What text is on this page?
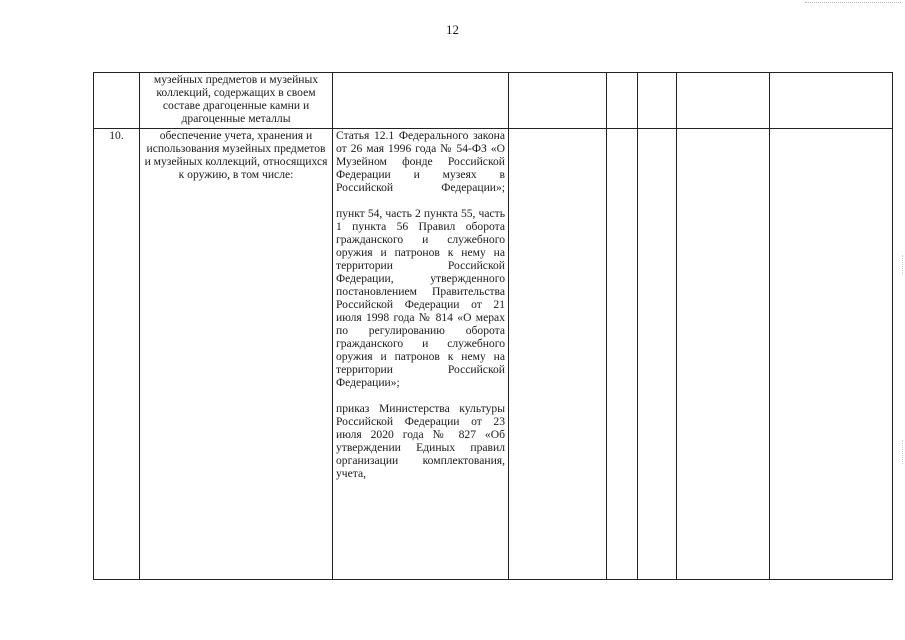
12
	музейных предметов и музейных коллекций, содержащих в своем составе драгоценные камни и драгоценные металлы						
10.	обеспечение учета, хранения и использования музейных предметов и музейных коллекций, относящихся к оружию, в том числе:	Статья 12.1 Федерального закона от 26 мая 1996 года № 54-ФЗ «О Музейном фонде Российской Федерации и музеях в Российской Федерации»;

пункт 54, часть 2 пункта 55, часть 1 пункта 56 Правил оборота гражданского и служебного оружия и патронов к нему на территории Российской Федерации, утвержденного постановлением Правительства Российской Федерации от 21 июля 1998 года № 814 «О мерах по регулированию оборота гражданского и служебного оружия и патронов к нему на территории Российской Федерации»;

приказ Министерства культуры Российской Федерации от 23 июля 2020 года № 827 «Об утверждении Единых правил организации комплектования, учета,					
